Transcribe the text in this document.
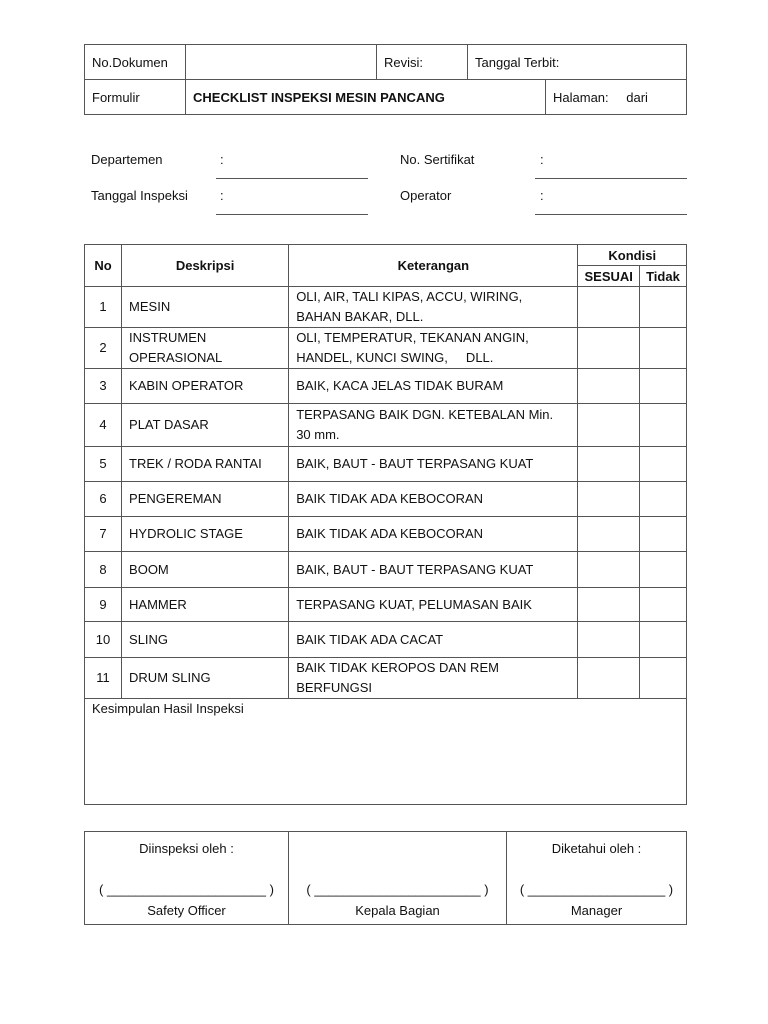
No.Dokumen		Revisi:	Tanggal Terbit:	
Formulir	CHECKLIST INSPEKSI MESIN PANCANG			Halaman: dari
Departemen	:	No. Sertifikat	:
Tanggal Inspeksi :	Operator	:
No	Deskripsi	Keterangan	Kondisi	
			SESUAI	Tidak
1	MESIN	OLI, AIR, TALI KIPAS, ACCU, WIRING, BAHAN BAKAR, DLL.		
2	INSTRUMEN OPERASIONAL	OLI, TEMPERATUR, TEKANAN ANGIN, HANDEL, KUNCI SWING,     DLL.		
3	KABIN OPERATOR	BAIK, KACA JELAS TIDAK BURAM		
4	PLAT DASAR	TERPASANG BAIK DGN. KETEBALAN Min. 30 mm.		
5	TREK / RODA RANTAI	BAIK, BAUT - BAUT TERPASANG KUAT		
6	PENGEREMAN	BAIK TIDAK ADA KEBOCORAN		
7	HYDROLIC STAGE	BAIK TIDAK ADA KEBOCORAN		
8	BOOM	BAIK, BAUT - BAUT TERPASANG KUAT		
9	HAMMER	TERPASANG KUAT, PELUMASAN BAIK		
10	SLING	BAIK TIDAK ADA CACAT		
11	DRUM SLING	BAIK TIDAK KEROPOS DAN REM BERFUNGSI		
Kesimpulan Hasil Inspeksi
Diinspeksi oleh :
( ______________________ )
Safety Officer

( _______________________ )
Kepala Bagian

Diketahui oleh :
( ___________________ )
Manager
